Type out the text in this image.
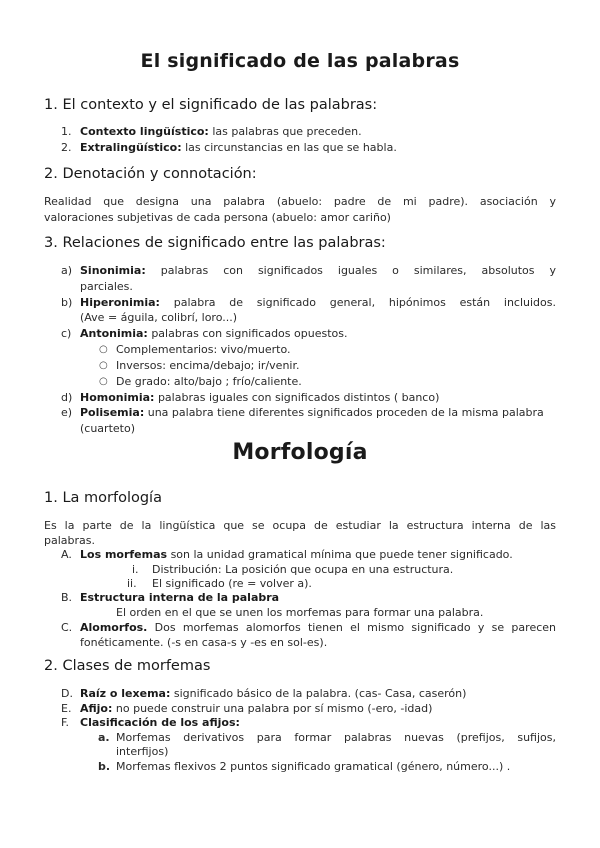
El significado de las palabras
1. El contexto y el significado de las palabras:
1. Contexto lingüístico: las palabras que preceden.
2. Extralingüístico: las circunstancias en las que se habla.
2. Denotación y connotación:
Realidad que designa una palabra (abuelo: padre de mi padre). asociación y
valoraciones subjetivas de cada persona (abuelo: amor cariño)
3. Relaciones de significado entre las palabras:
a) Sinonimia: palabras con significados iguales o similares, absolutos y
parciales.
b) Hiperonimia: palabra de significado general, hipónimos están incluidos.
(Ave = águila, colibrí, loro...)
c) Antonimia: palabras con significados opuestos.
○ Complementarios: vivo/muerto.
○ Inversos: encima/debajo; ir/venir.
○ De grado: alto/bajo ; frío/caliente.
d) Homonimia: palabras iguales con significados distintos ( banco)
e) Polisemia: una palabra tiene diferentes significados proceden de la misma palabra
(cuarteto)
Morfología
1. La morfología
Es la parte de la lingüística que se ocupa de estudiar la estructura interna de las
palabras.
A. Los morfemas son la unidad gramatical mínima que puede tener significado.
i. Distribución: La posición que ocupa en una estructura.
ii. El significado (re = volver a).
B. Estructura interna de la palabra
El orden en el que se unen los morfemas para formar una palabra.
C. Alomorfos. Dos morfemas alomorfos tienen el mismo significado y se parecen
fonéticamente. (-s en casa-s y -es en sol-es).
2. Clases de morfemas
D. Raíz o lexema: significado básico de la palabra. (cas- Casa, caserón)
E. Afijo: no puede construir una palabra por sí mismo (-ero, -idad)
F. Clasificación de los afijos:
a. Morfemas derivativos para formar palabras nuevas (prefijos, sufijos,
interfijos)
b. Morfemas flexivos 2 puntos significado gramatical (género, número...) .
